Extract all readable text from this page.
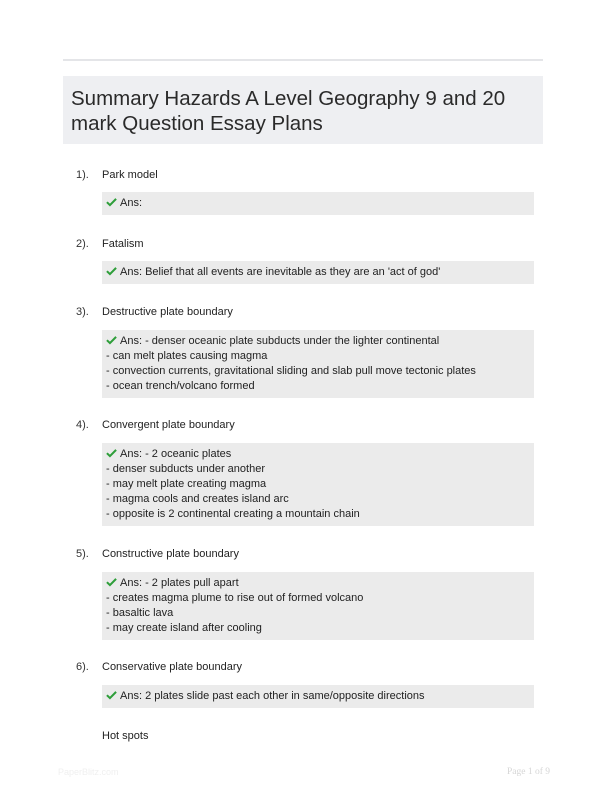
Summary Hazards A Level Geography 9 and 20 mark Question Essay Plans
1). Park model
Ans:
2). Fatalism
Ans: Belief that all events are inevitable as they are an 'act of god'
3). Destructive plate boundary
Ans: - denser oceanic plate subducts under the lighter continental
- can melt plates causing magma
- convection currents, gravitational sliding and slab pull move tectonic plates
- ocean trench/volcano formed
4). Convergent plate boundary
Ans: - 2 oceanic plates
- denser subducts under another
- may melt plate creating magma
- magma cools and creates island arc
- opposite is 2 continental creating a mountain chain
5). Constructive plate boundary
Ans: - 2 plates pull apart
- creates magma plume to rise out of formed volcano
- basaltic lava
- may create island after cooling
6). Conservative plate boundary
Ans: 2 plates slide past each other in same/opposite directions
Hot spots
PaperBlitz.com	Page 1 of 9
